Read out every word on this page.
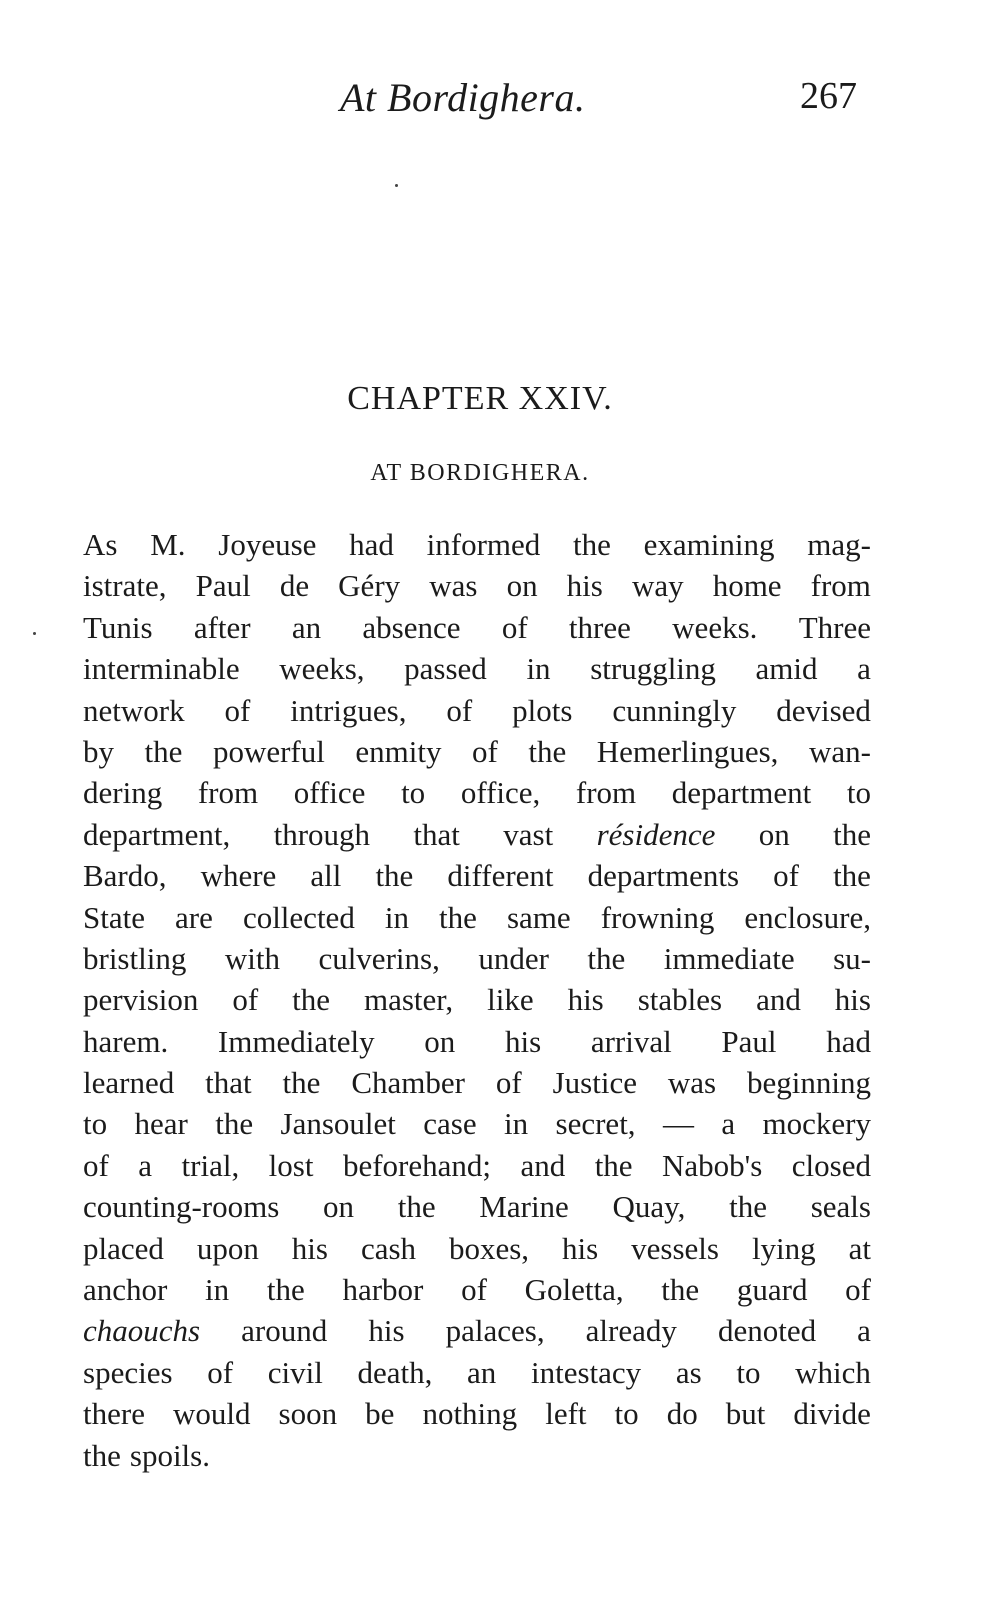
At Bordighera.	267
CHAPTER XXIV.
AT BORDIGHERA.
As M. Joyeuse had informed the examining mag-
istrate, Paul de Géry was on his way home from
Tunis after an absence of three weeks. Three
interminable weeks, passed in struggling amid a
network of intrigues, of plots cunningly devised
by the powerful enmity of the Hemerlingues, wan-
dering from office to office, from department to
department, through that vast résidence on the
Bardo, where all the different departments of the
State are collected in the same frowning enclosure,
bristling with culverins, under the immediate su-
pervision of the master, like his stables and his
harem. Immediately on his arrival Paul had
learned that the Chamber of Justice was beginning
to hear the Jansoulet case in secret, — a mockery
of a trial, lost beforehand; and the Nabob's closed
counting-rooms on the Marine Quay, the seals
placed upon his cash boxes, his vessels lying at
anchor in the harbor of Goletta, the guard of
chaouchs around his palaces, already denoted a
species of civil death, an intestacy as to which
there would soon be nothing left to do but divide
the spoils.
